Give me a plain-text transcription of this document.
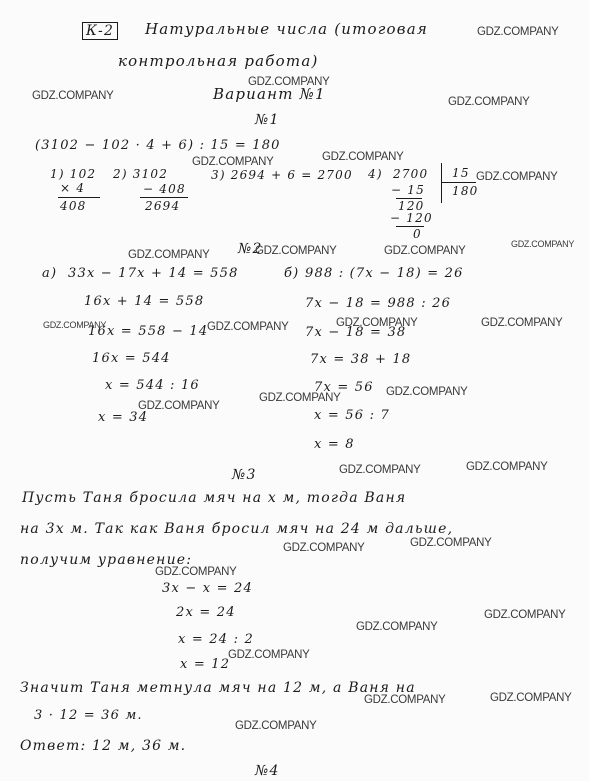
К-2 Натуральные числа (итоговая
контрольная работа)
Вариант №1
№1
(3102 − 102 · 4 + 6) : 15 = 180
1) 102
× 4
408
2) 3102
− 408
2694
3) 2694 + 6 = 2700 4) 2700 15
180
− 15
120
− 120
0
№2
а) 33x − 17x + 14 = 558
16x + 14 = 558
16x = 558 − 14
16x = 544
x = 544 : 16
x = 34
б) 988 : (7x − 18) = 26
7x − 18 = 988 : 26
7x − 18 = 38
7x = 38 + 18
7x = 56
x = 56 : 7
x = 8
№3
Пусть Таня бросила мяч на x м, тогда Ваня
на 3x м. Так как Ваня бросил мяч на 24 м дальше,
получим уравнение:
3x − x = 24
2x = 24
x = 24 : 2
x = 12
Значит Таня метнула мяч на 12 м, а Ваня на
3 · 12 = 36 м.
Ответ: 12 м, 36 м.
№4
GDZ.COMPANY
GDZ.COMPANY
GDZ.COMPANY	GDZ.COMPANY
GDZ.COMPANY
GDZ.COMPANY
GDZ.COMPANY
GDZ.COMPANY	GDZ.COMPANY
GDZ.COMPANY
GDZ.COMPANY
GDZ.COMPANY	GDZ.COMPANY
GDZ.COMPANY
GDZ.COMPANY
GDZ.COMPANY
GDZ.COMPANY
GDZ.COMPANY
GDZ.COMPANY
GDZ.COMPANY
GDZ.COMPANY
GDZ.COMPANY
GDZ.COMPANY
GDZ.COMPANY
GDZ.COMPANY
GDZ.COMPANY
GDZ.COMPANY
GDZ.COMPANY
GDZ.COMPANY
